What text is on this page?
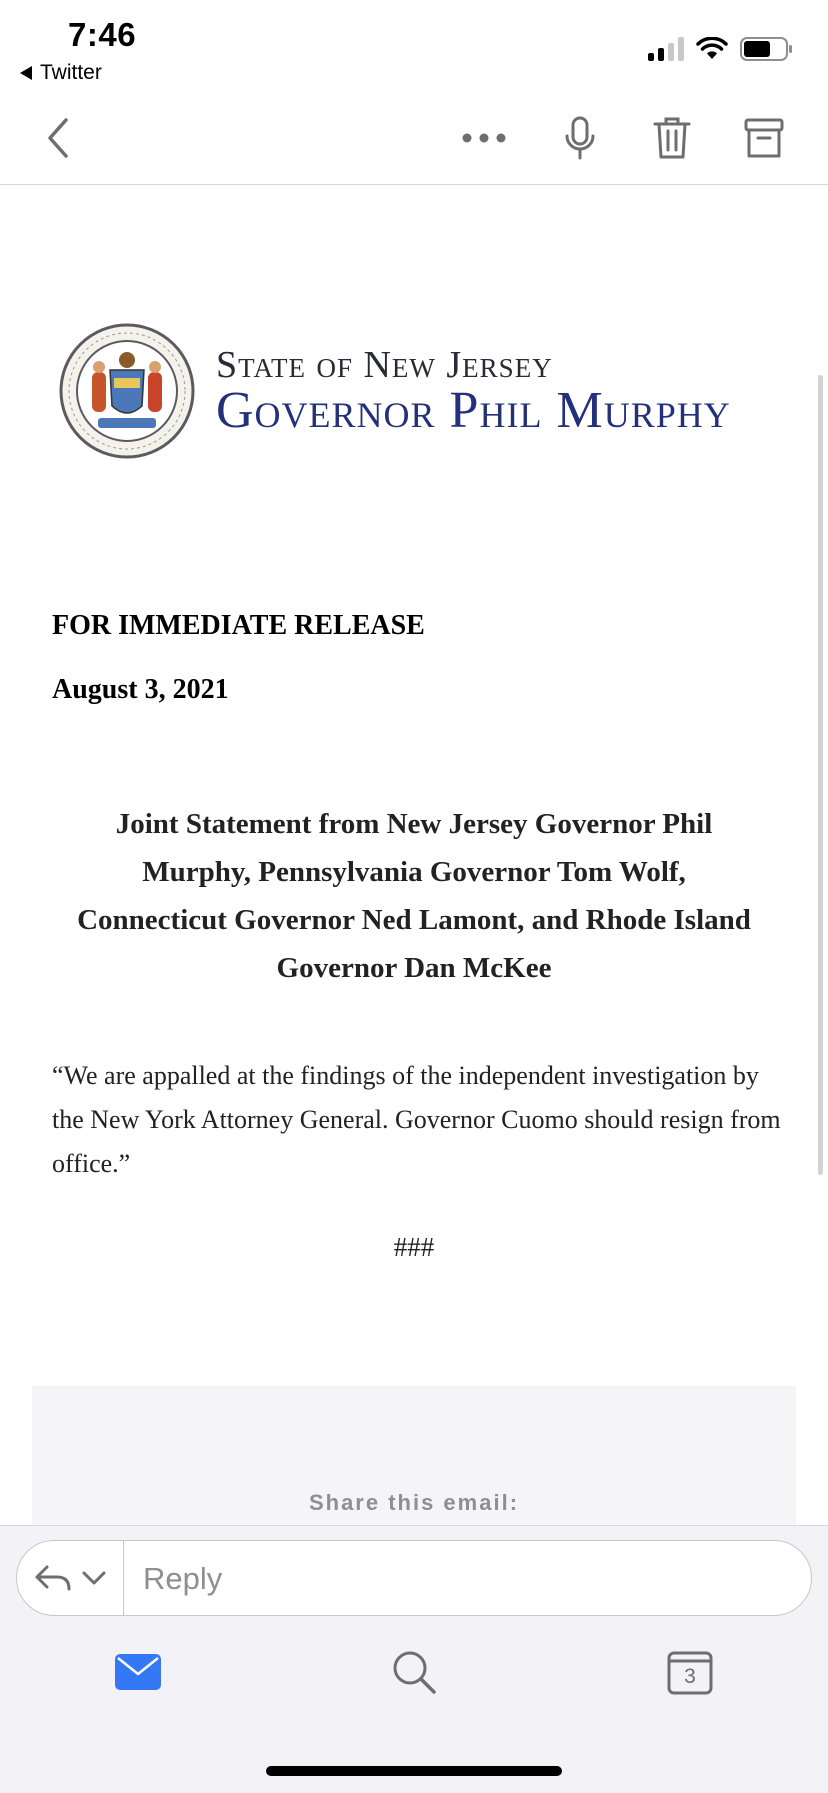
7:46
Twitter
State of New Jersey
Governor Phil Murphy
FOR IMMEDIATE RELEASE
August 3, 2021
Joint Statement from New Jersey Governor Phil Murphy, Pennsylvania Governor Tom Wolf, Connecticut Governor Ned Lamont, and Rhode Island Governor Dan McKee
“We are appalled at the findings of the independent investigation by the New York Attorney General. Governor Cuomo should resign from office.”
###
Share this email:
Reply
3
